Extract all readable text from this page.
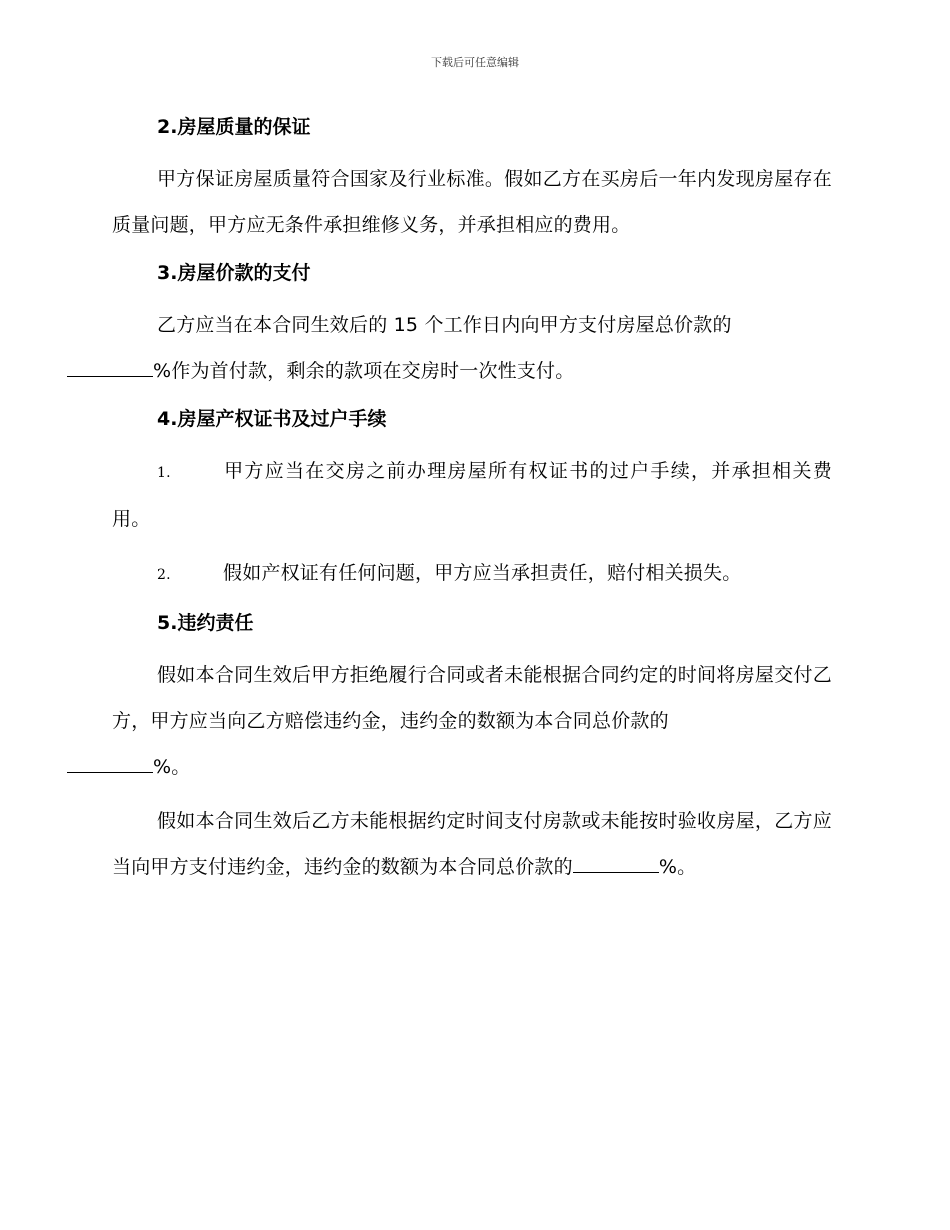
下载后可任意编辑
2.房屋质量的保证

甲方保证房屋质量符合国家及行业标准。假如乙方在买房后一年内发现房屋存在质量问题，甲方应无条件承担维修义务，并承担相应的费用。

3.房屋价款的支付

乙方应当在本合同生效后的 15 个工作日内向甲方支付房屋总价款的
%作为首付款，剩余的款项在交房时一次性支付。

4.房屋产权证书及过户手续

1.	甲方应当在交房之前办理房屋所有权证书的过户手续，并承担相关费用。

2.	假如产权证有任何问题，甲方应当承担责任，赔付相关损失。

5.违约责任

假如本合同生效后甲方拒绝履行合同或者未能根据合同约定的时间将房屋交付乙方，甲方应当向乙方赔偿违约金，违约金的数额为本合同总价款的
%。

假如本合同生效后乙方未能根据约定时间支付房款或未能按时验收房屋，乙方应当向甲方支付违约金，违约金的数额为本合同总价款的	%。
